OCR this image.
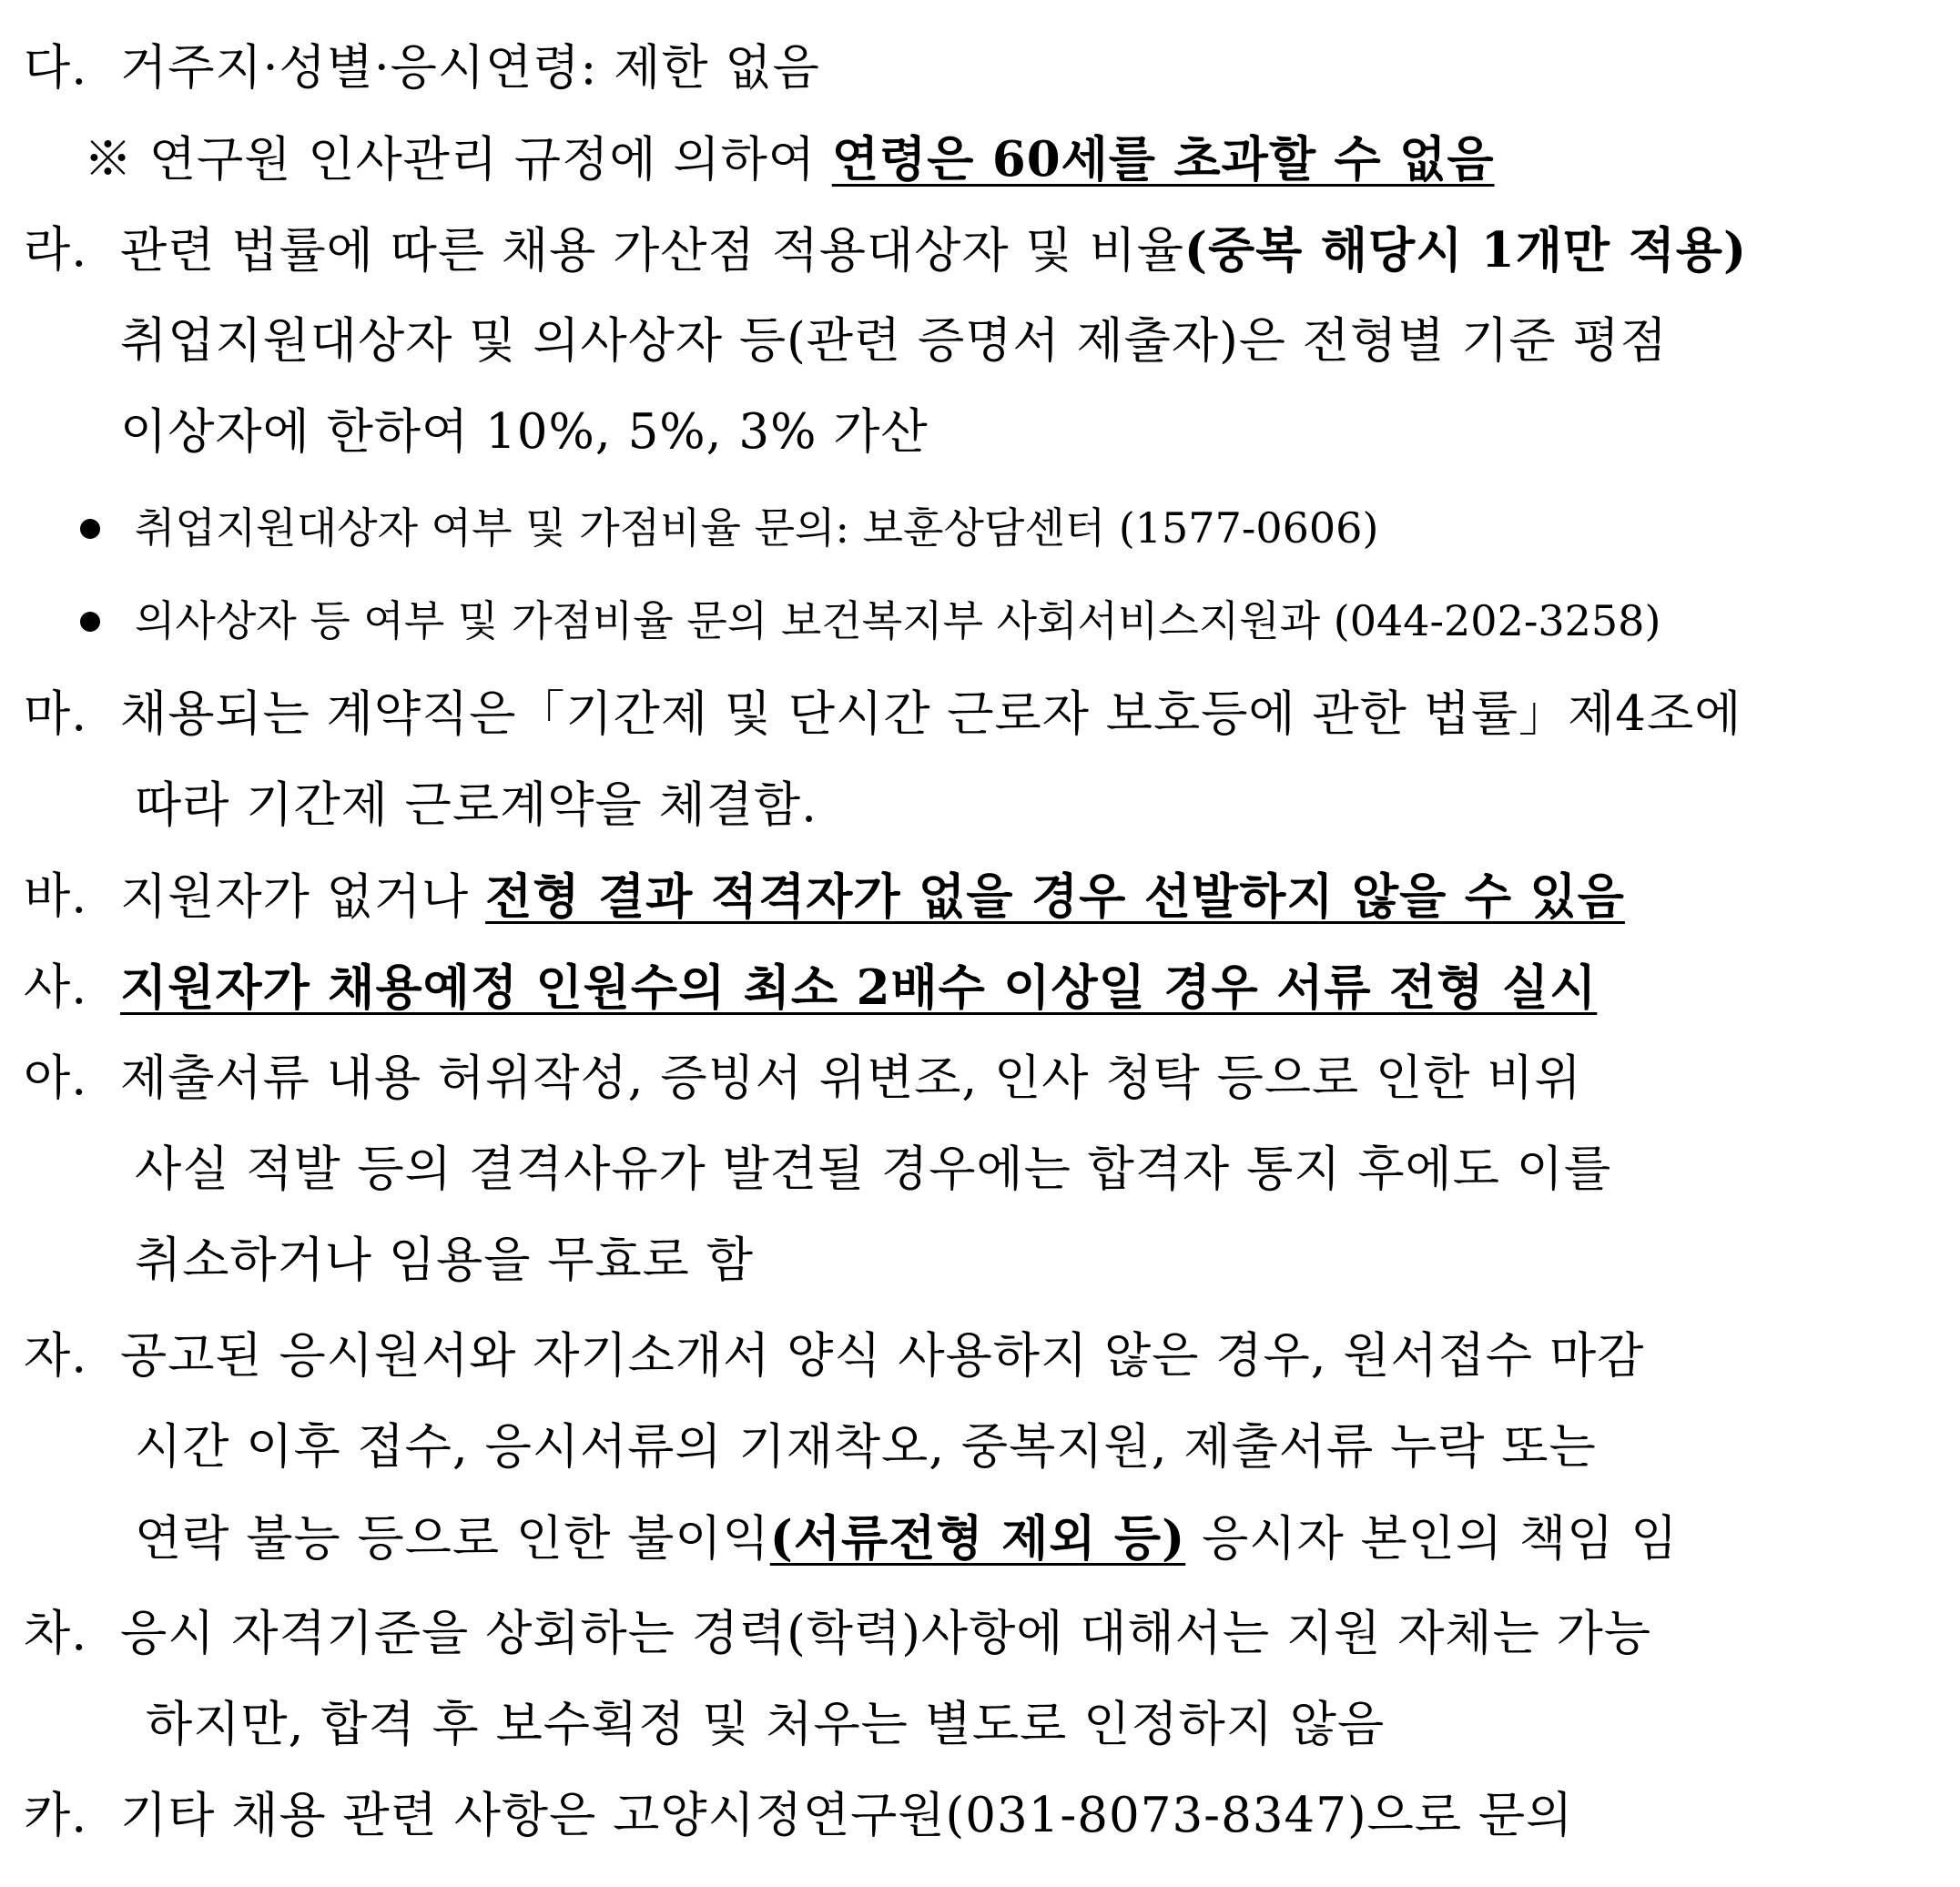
다. 거주지·성별·응시연령: 제한 없음
※ 연구원 인사관리 규정에 의하여 연령은 60세를 초과할 수 없음
라. 관련 법률에 따른 채용 가산점 적용대상자 및 비율(중복 해당시 1개만 적용)
취업지원대상자 및 의사상자 등(관련 증명서 제출자)은 전형별 기준 평점
이상자에 한하여 10%, 5%, 3% 가산
취업지원대상자 여부 및 가점비율 문의: 보훈상담센터 (1577-0606)
의사상자 등 여부 및 가점비율 문의 보건복지부 사회서비스지원과 (044-202-3258)
마. 채용되는 계약직은「기간제 및 단시간 근로자 보호등에 관한 법률」제4조에
따라 기간제 근로계약을 체결함.
바. 지원자가 없거나 전형 결과 적격자가 없을 경우 선발하지 않을 수 있음
사. 지원자가 채용예정 인원수의 최소 2배수 이상일 경우 서류 전형 실시
아. 제출서류 내용 허위작성, 증빙서 위변조, 인사 청탁 등으로 인한 비위
사실 적발 등의 결격사유가 발견될 경우에는 합격자 통지 후에도 이를
취소하거나 임용을 무효로 함
자. 공고된 응시원서와 자기소개서 양식 사용하지 않은 경우, 원서접수 마감
시간 이후 접수, 응시서류의 기재착오, 중복지원, 제출서류 누락 또는
연락 불능 등으로 인한 불이익(서류전형 제외 등) 응시자 본인의 책임 임
차. 응시 자격기준을 상회하는 경력(학력)사항에 대해서는 지원 자체는 가능
하지만, 합격 후 보수획정 및 처우는 별도로 인정하지 않음
카. 기타 채용 관련 사항은 고양시정연구원(031-8073-8347)으로 문의
